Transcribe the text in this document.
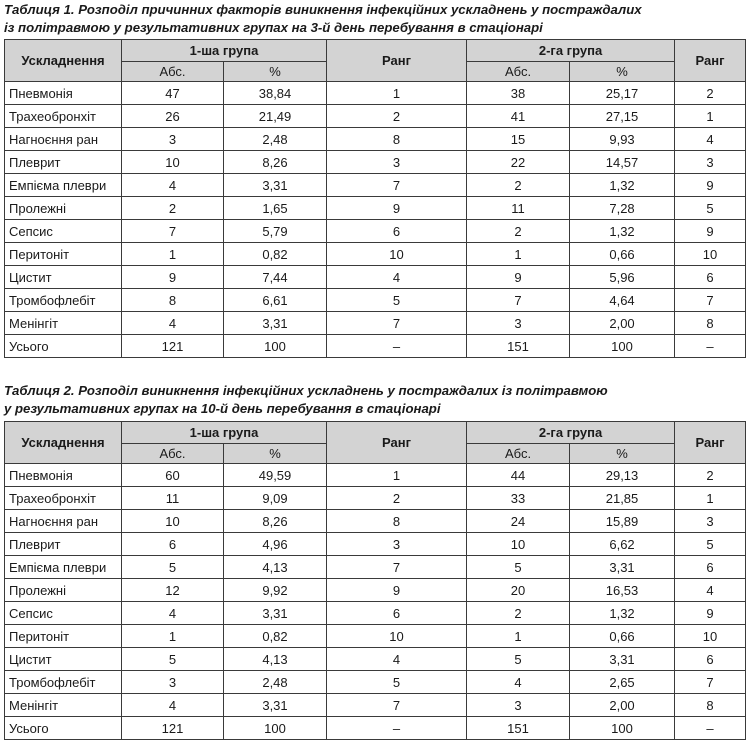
Таблиця 1. Розподіл причинних факторів виникнення інфекційних ускладнень у постраждалих
із політравмою у результативних групах на 3-й день перебування в стаціонарі
Ускладнення	1-ша група		Ранг	2-га група		Ранг
	Абс.	%		Абс.	%	
Пневмонія	47	38,84	1	38	25,17	2
Трахеобронхіт	26	21,49	2	41	27,15	1
Нагноєння ран	3	2,48	8	15	9,93	4
Плеврит	10	8,26	3	22	14,57	3
Емпієма плеври	4	3,31	7	2	1,32	9
Пролежні	2	1,65	9	11	7,28	5
Сепсис	7	5,79	6	2	1,32	9
Перитоніт	1	0,82	10	1	0,66	10
Цистит	9	7,44	4	9	5,96	6
Тромбофлебіт	8	6,61	5	7	4,64	7
Менінгіт	4	3,31	7	3	2,00	8
Усього	121	100	–	151	100	–
Таблиця 2. Розподіл виникнення інфекційних ускладнень у постраждалих із політравмою
у результативних групах на 10-й день перебування в стаціонарі
Ускладнення	1-ша група		Ранг	2-га група		Ранг
	Абс.	%		Абс.	%	
Пневмонія	60	49,59	1	44	29,13	2
Трахеобронхіт	11	9,09	2	33	21,85	1
Нагноєння ран	10	8,26	8	24	15,89	3
Плеврит	6	4,96	3	10	6,62	5
Емпієма плеври	5	4,13	7	5	3,31	6
Пролежні	12	9,92	9	20	16,53	4
Сепсис	4	3,31	6	2	1,32	9
Перитоніт	1	0,82	10	1	0,66	10
Цистит	5	4,13	4	5	3,31	6
Тромбофлебіт	3	2,48	5	4	2,65	7
Менінгіт	4	3,31	7	3	2,00	8
Усього	121	100	–	151	100	–
